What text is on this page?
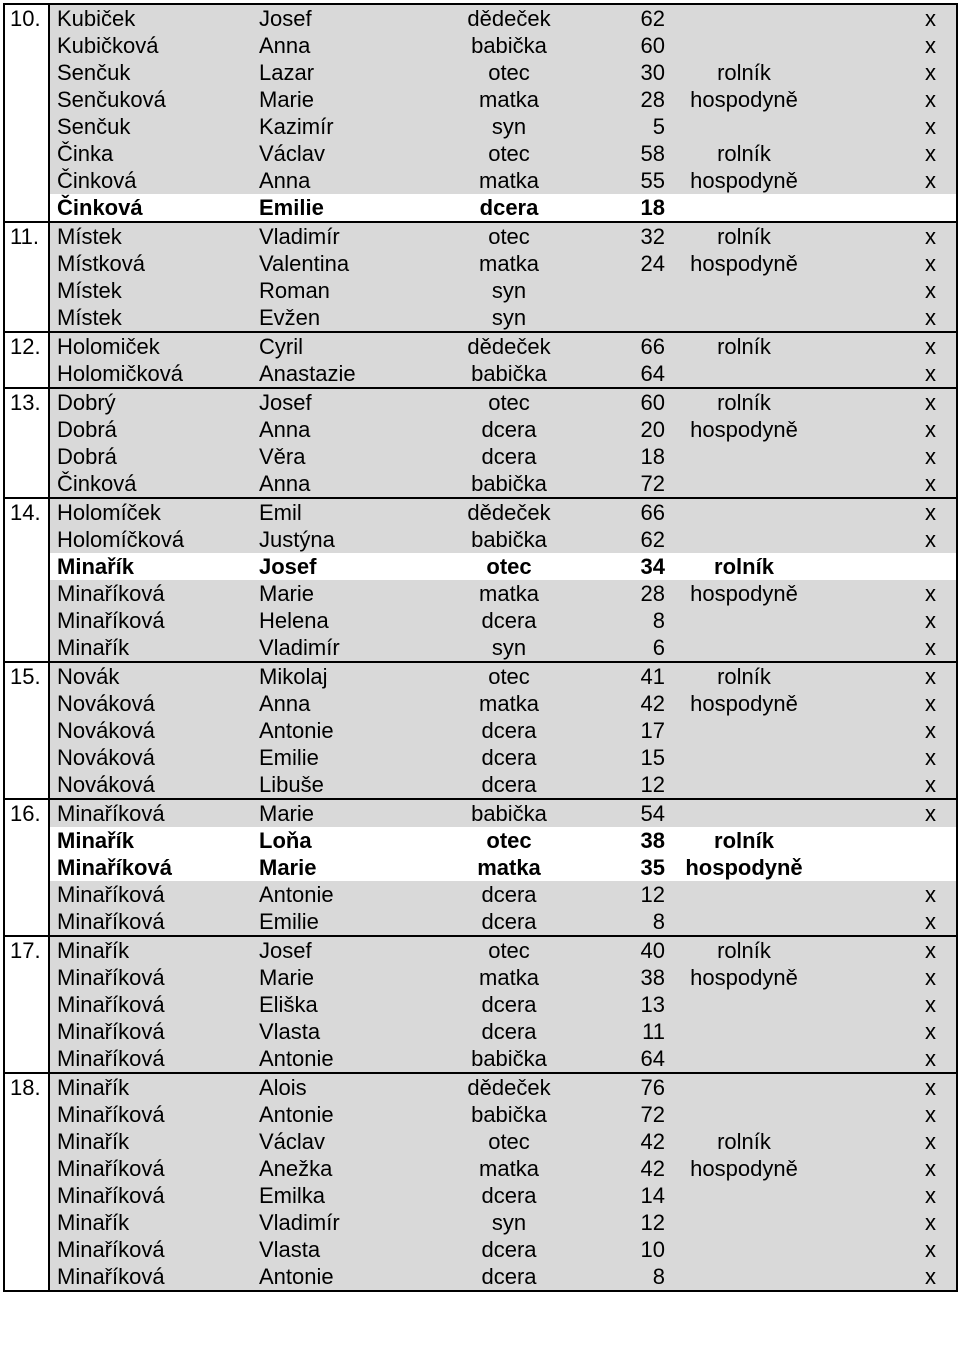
10.	Kubiček	Josef	dědeček	62		x
	Kubičková	Anna	babička	60		x
	Senčuk	Lazar	otec	30	rolník	x
	Senčuková	Marie	matka	28	hospodyně	x
	Senčuk	Kazimír	syn	5		x
	Činka	Václav	otec	58	rolník	x
	Činková	Anna	matka	55	hospodyně	x
	Činková	Emilie	dcera	18		
11.	Místek	Vladimír	otec	32	rolník	x
	Místková	Valentina	matka	24	hospodyně	x
	Místek	Roman	syn			x
	Místek	Evžen	syn			x
12.	Holomiček	Cyril	dědeček	66	rolník	x
	Holomičková	Anastazie	babička	64		x
13.	Dobrý	Josef	otec	60	rolník	x
	Dobrá	Anna	dcera	20	hospodyně	x
	Dobrá	Věra	dcera	18		x
	Činková	Anna	babička	72		x
14.	Holomíček	Emil	dědeček	66		x
	Holomíčková	Justýna	babička	62		x
	Minařík	Josef	otec	34	rolník	
	Minaříková	Marie	matka	28	hospodyně	x
	Minaříková	Helena	dcera	8		x
	Minařík	Vladimír	syn	6		x
15.	Novák	Mikolaj	otec	41	rolník	x
	Nováková	Anna	matka	42	hospodyně	x
	Nováková	Antonie	dcera	17		x
	Nováková	Emilie	dcera	15		x
	Nováková	Libuše	dcera	12		x
16.	Minaříková	Marie	babička	54		x
	Minařík	Loňa	otec	38	rolník	
	Minaříková	Marie	matka	35	hospodyně	
	Minaříková	Antonie	dcera	12		x
	Minaříková	Emilie	dcera	8		x
17.	Minařík	Josef	otec	40	rolník	x
	Minaříková	Marie	matka	38	hospodyně	x
	Minaříková	Eliška	dcera	13		x
	Minaříková	Vlasta	dcera	11		x
	Minaříková	Antonie	babička	64		x
18.	Minařík	Alois	dědeček	76		x
	Minaříková	Antonie	babička	72		x
	Minařík	Václav	otec	42	rolník	x
	Minaříková	Anežka	matka	42	hospodyně	x
	Minaříková	Emilka	dcera	14		x
	Minařík	Vladimír	syn	12		x
	Minaříková	Vlasta	dcera	10		x
	Minaříková	Antonie	dcera	8		x
